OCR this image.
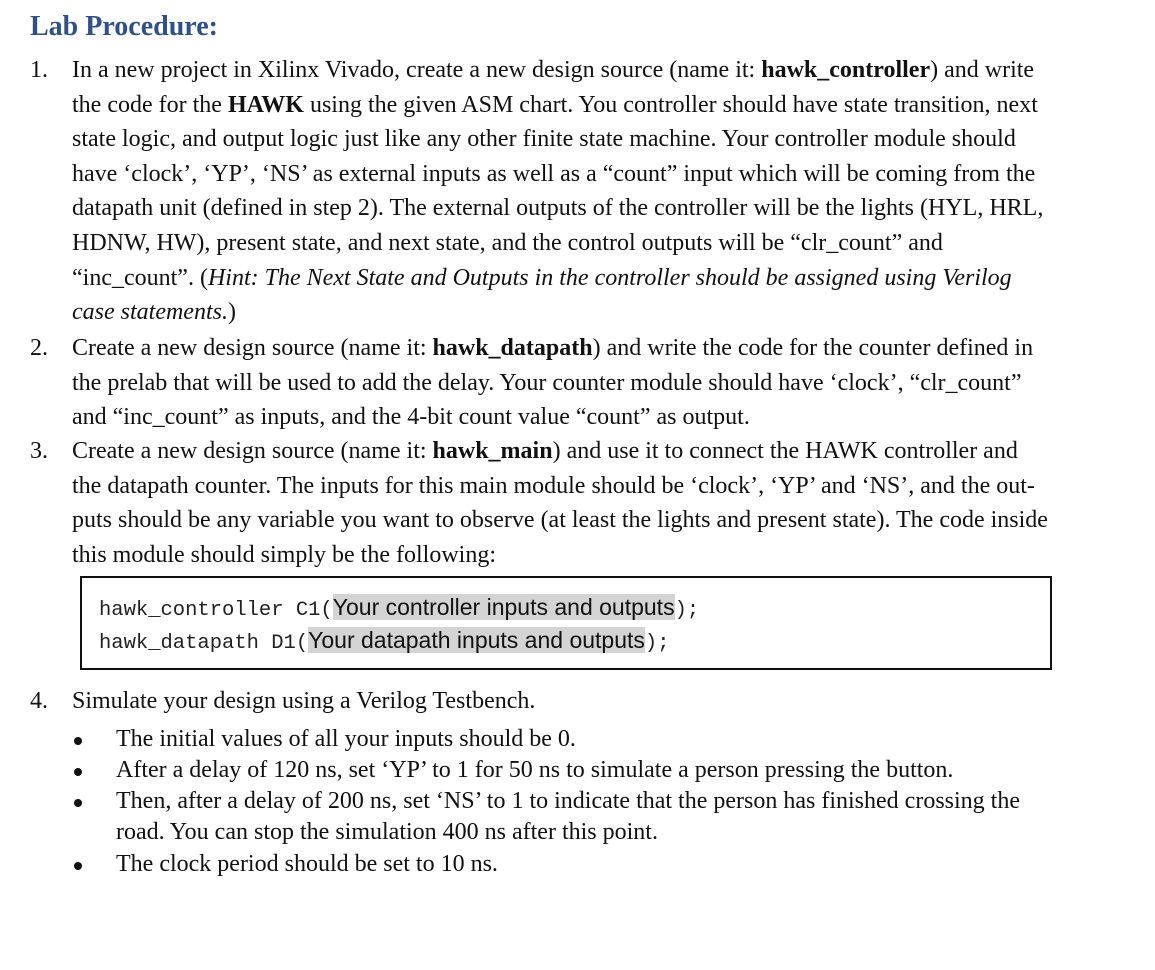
Lab Procedure:
1. In a new project in Xilinx Vivado, create a new design source (name it: hawk_controller) and write

the code for the HAWK using the given ASM chart. You controller should have state transition, next

state logic, and output logic just like any other finite state machine. Your controller module should

have ‘clock’, ‘YP’, ‘NS’ as external inputs as well as a “count” input which will be coming from the

datapath unit (defined in step 2). The external outputs of the controller will be the lights (HYL, HRL,

HDNW, HW), present state, and next state, and the control outputs will be “clr_count” and

“inc_count”. (Hint: The Next State and Outputs in the controller should be assigned using Verilog

case statements.)

2. Create a new design source (name it: hawk_datapath) and write the code for the counter defined in

the prelab that will be used to add the delay. Your counter module should have ‘clock’, “clr_count”

and “inc_count” as inputs, and the 4-bit count value “count” as output.

3. Create a new design source (name it: hawk_main) and use it to connect the HAWK controller and

the datapath counter. The inputs for this main module should be ‘clock’, ‘YP’ and ‘NS’, and the out-

puts should be any variable you want to observe (at least the lights and present state). The code inside

this module should simply be the following:

hawk_controller C1(Your controller inputs and outputs);
hawk_datapath D1(Your datapath inputs and outputs);
4. Simulate your design using a Verilog Testbench.

The initial values of all your inputs should be 0.
After a delay of 120 ns, set ‘YP’ to 1 for 50 ns to simulate a person pressing the button.
Then, after a delay of 200 ns, set ‘NS’ to 1 to indicate that the person has finished crossing the
road. You can stop the simulation 400 ns after this point.
The clock period should be set to 10 ns.
